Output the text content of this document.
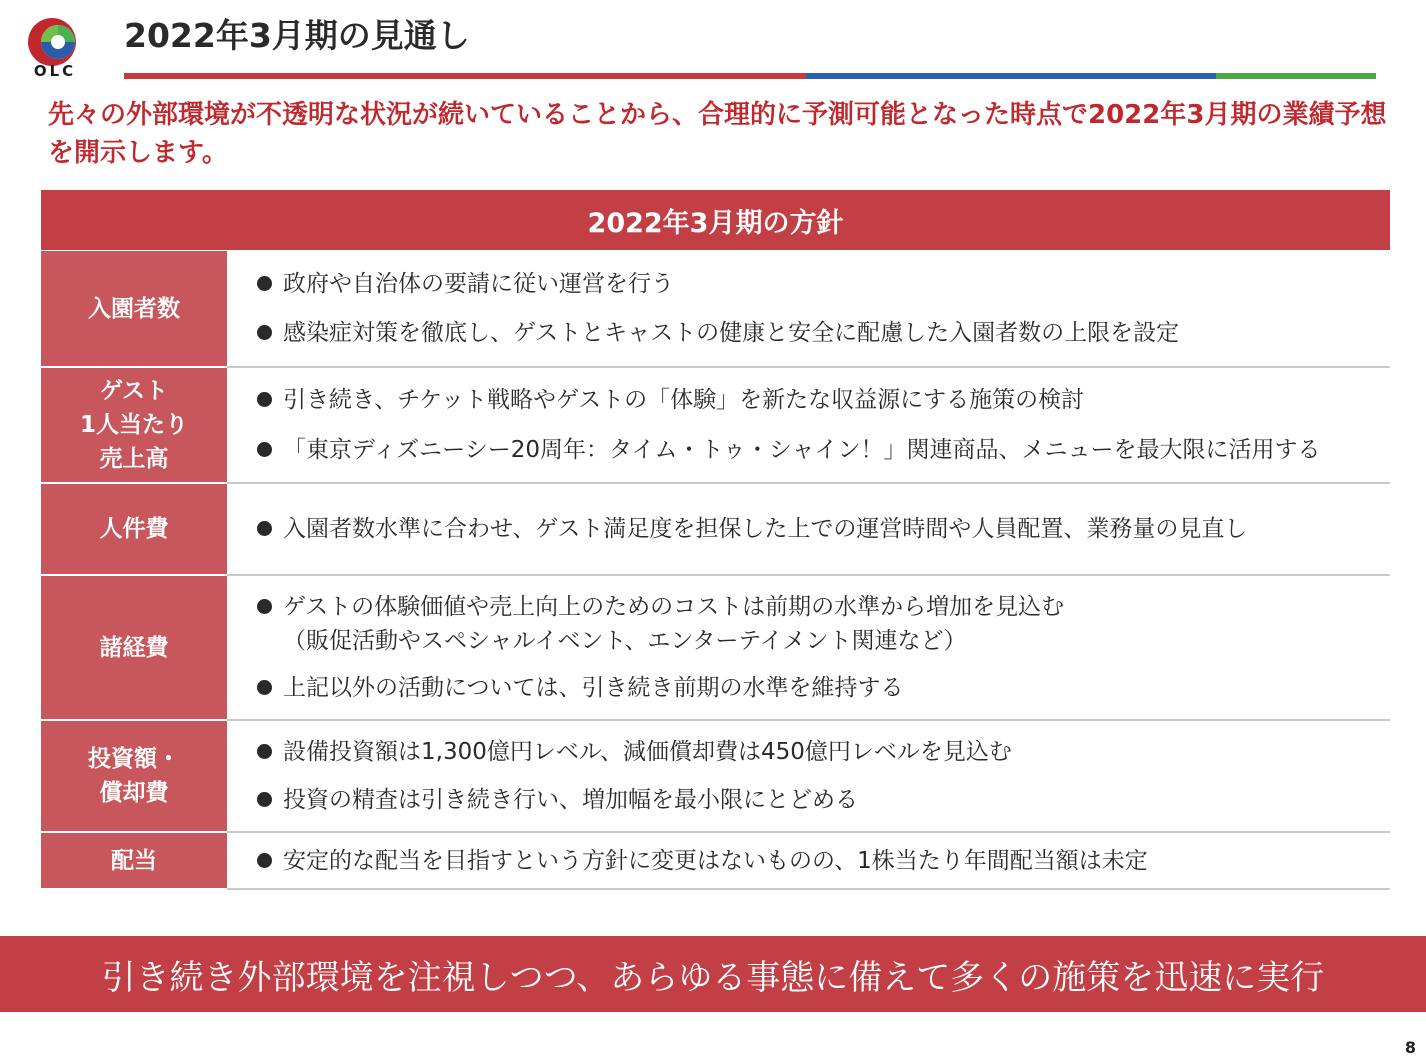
OLC
2022年3月期の見通し

先々の外部環境が不透明な状況が続いていることから、合理的に予測可能となった時点で2022年3月期の業績予想を開示します。

2022年3月期の方針
入園者数
政府や自治体の要請に従い運営を行う
感染症対策を徹底し、ゲストとキャストの健康と安全に配慮した入園者数の上限を設定
ゲスト
1人当たり
売上高
引き続き、チケット戦略やゲストの「体験」を新たな収益源にする施策の検討
「東京ディズニーシー20周年：タイム・トゥ・シャイン！」関連商品、メニューを最大限に活用する
人件費	入園者数水準に合わせ、ゲスト満足度を担保した上での運営時間や人員配置、業務量の見直し
諸経費
ゲストの体験価値や売上向上のためのコストは前期の水準から増加を見込む
（販促活動やスペシャルイベント、エンターテイメント関連など）
上記以外の活動については、引き続き前期の水準を維持する
投資額・
償却費
設備投資額は1,300億円レベル、減価償却費は450億円レベルを見込む
投資の精査は引き続き行い、増加幅を最小限にとどめる
配当	安定的な配当を目指すという方針に変更はないものの、1株当たり年間配当額は未定

引き続き外部環境を注視しつつ、あらゆる事態に備えて多くの施策を迅速に実行

8
